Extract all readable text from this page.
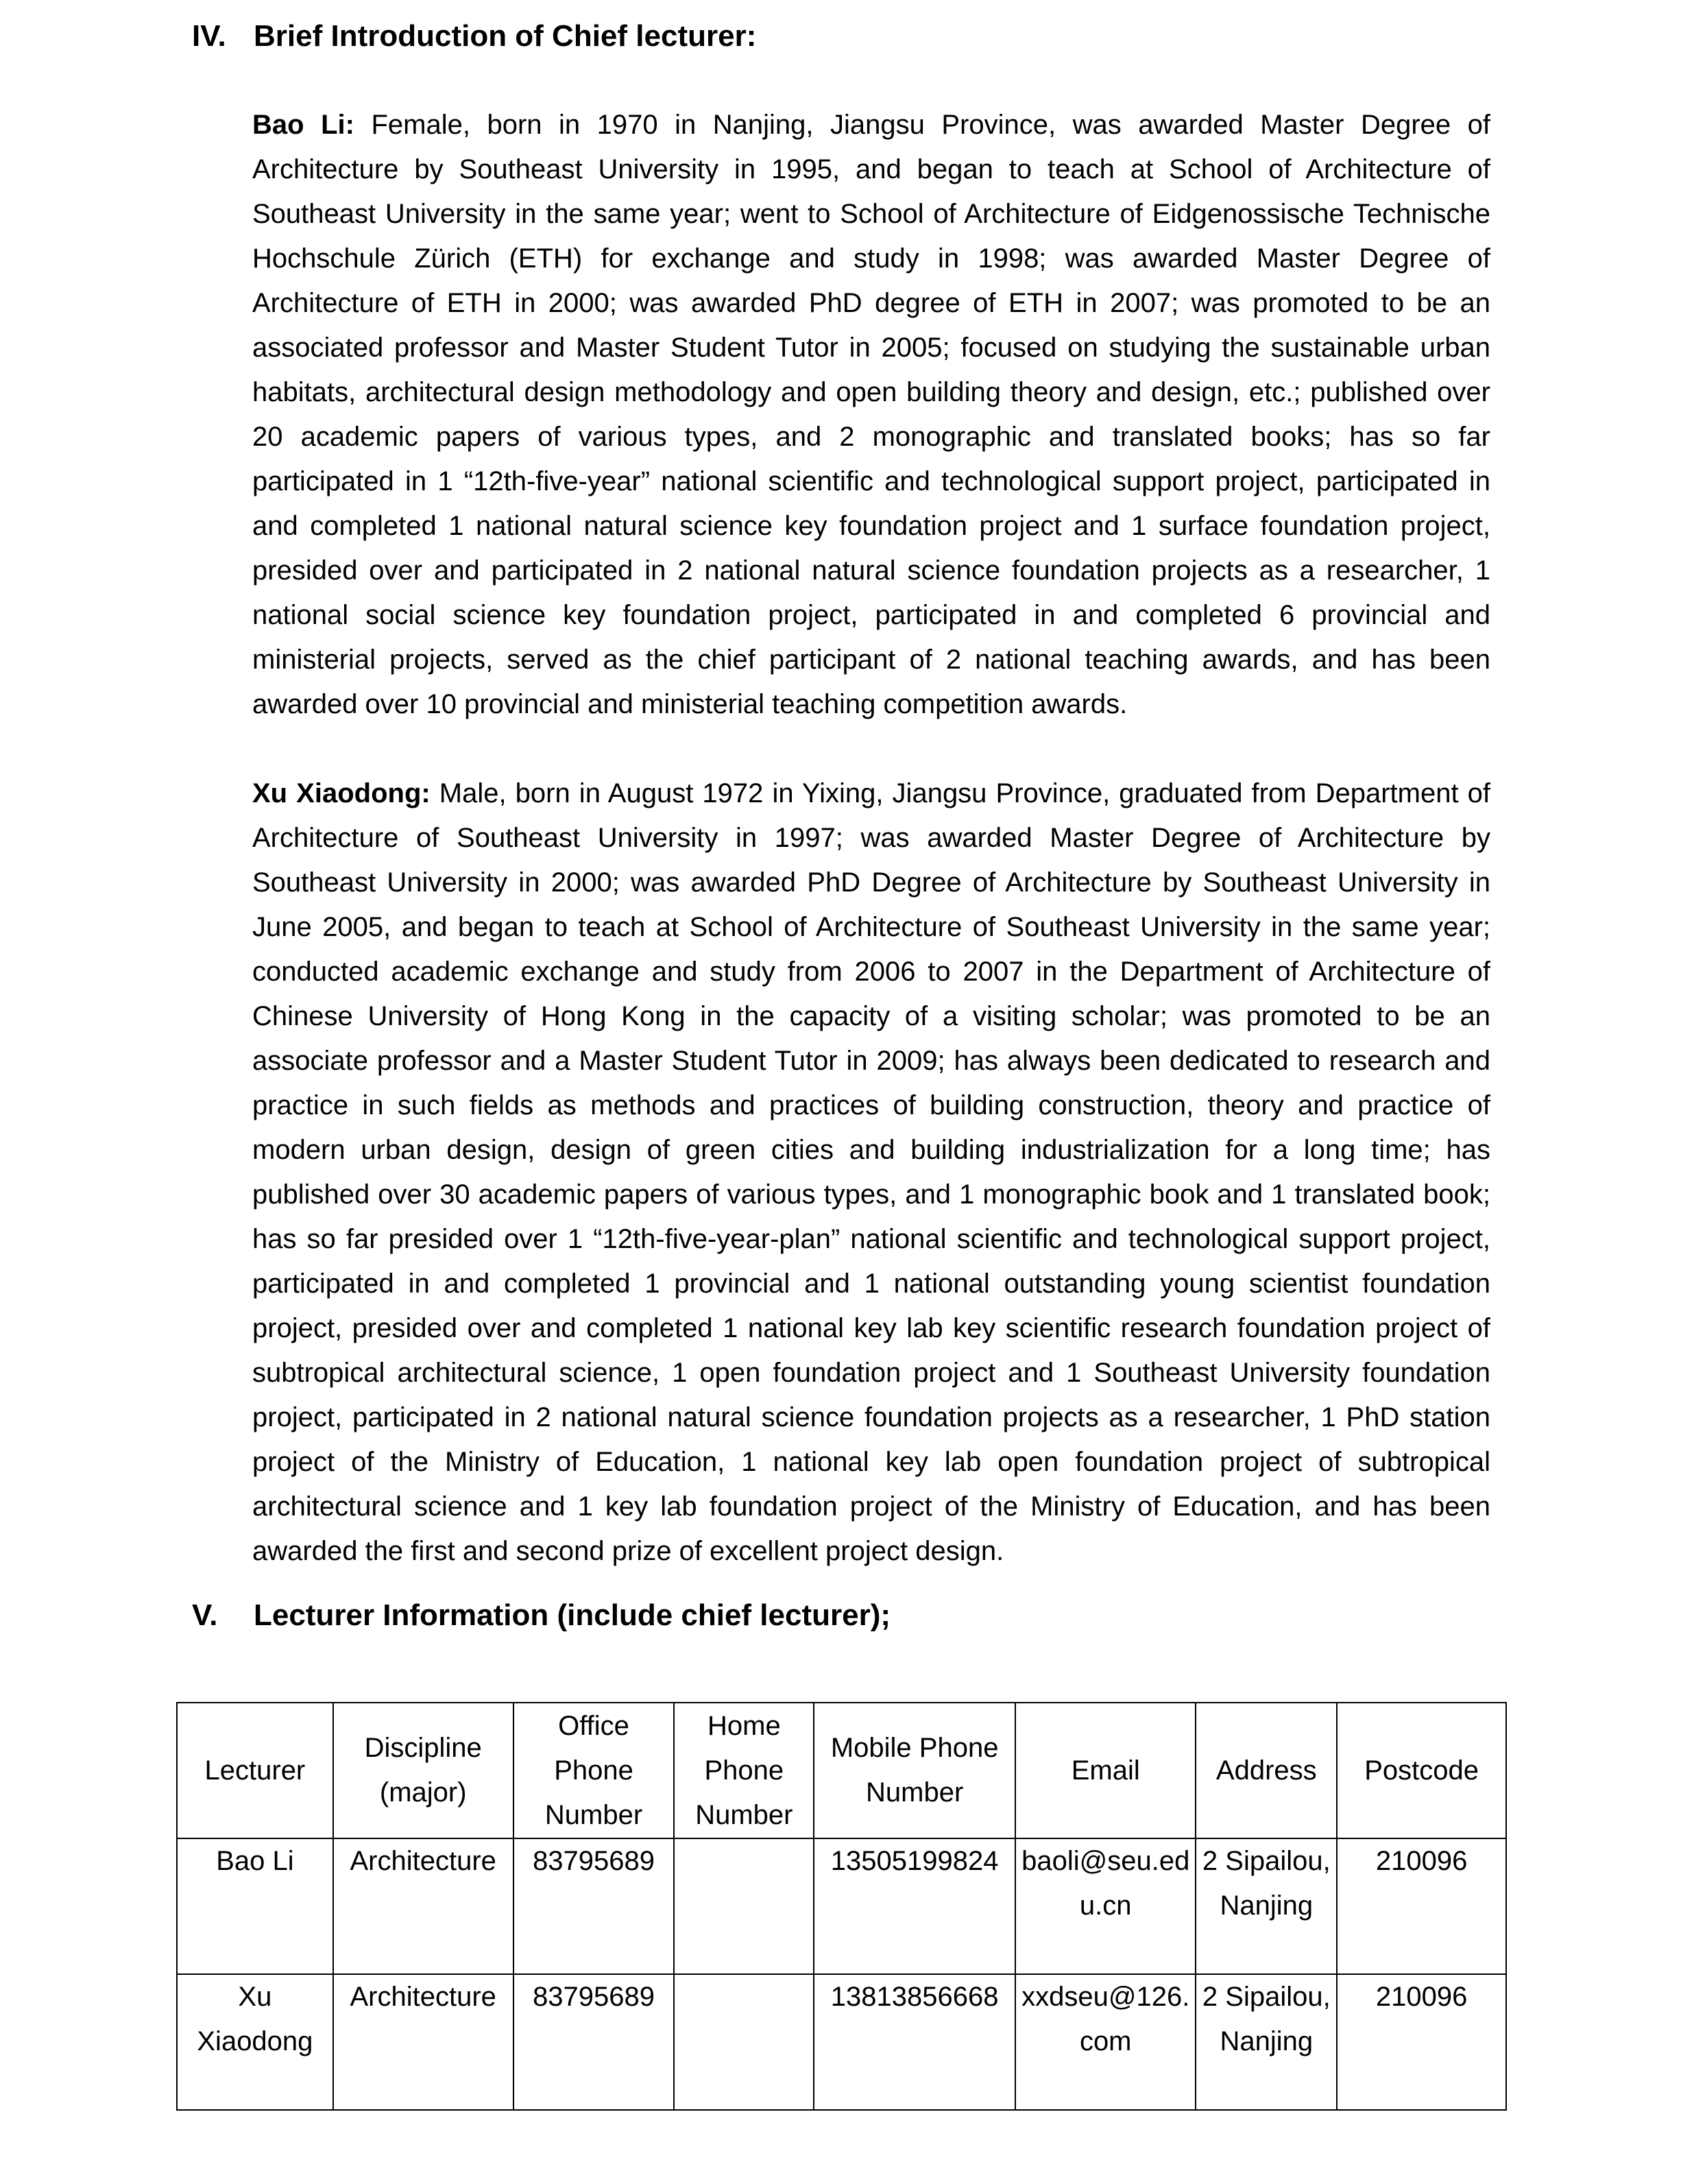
IV. Brief Introduction of Chief lecturer:

Bao Li: Female, born in 1970 in Nanjing, Jiangsu Province, was awarded Master Degree of Architecture by Southeast University in 1995, and began to teach at School of Architecture of Southeast University in the same year; went to School of Architecture of Eidgenossische Technische Hochschule Zürich (ETH) for exchange and study in 1998; was awarded Master Degree of Architecture of ETH in 2000; was awarded PhD degree of ETH in 2007; was promoted to be an associated professor and Master Student Tutor in 2005; focused on studying the sustainable urban habitats, architectural design methodology and open building theory and design, etc.; published over 20 academic papers of various types, and 2 monographic and translated books; has so far participated in 1 “12th-five-year” national scientific and technological support project, participated in and completed 1 national natural science key foundation project and 1 surface foundation project, presided over and participated in 2 national natural science foundation projects as a researcher, 1 national social science key foundation project, participated in and completed 6 provincial and ministerial projects, served as the chief participant of 2 national teaching awards, and has been awarded over 10 provincial and ministerial teaching competition awards.

Xu Xiaodong: Male, born in August 1972 in Yixing, Jiangsu Province, graduated from Department of Architecture of Southeast University in 1997; was awarded Master Degree of Architecture by Southeast University in 2000; was awarded PhD Degree of Architecture by Southeast University in June 2005, and began to teach at School of Architecture of Southeast University in the same year; conducted academic exchange and study from 2006 to 2007 in the Department of Architecture of Chinese University of Hong Kong in the capacity of a visiting scholar; was promoted to be an associate professor and a Master Student Tutor in 2009; has always been dedicated to research and practice in such fields as methods and practices of building construction, theory and practice of modern urban design, design of green cities and building industrialization for a long time; has published over 30 academic papers of various types, and 1 monographic book and 1 translated book; has so far presided over 1 “12th-five-year-plan” national scientific and technological support project, participated in and completed 1 provincial and 1 national outstanding young scientist foundation project, presided over and completed 1 national key lab key scientific research foundation project of subtropical architectural science, 1 open foundation project and 1 Southeast University foundation project, participated in 2 national natural science foundation projects as a researcher, 1 PhD station project of the Ministry of Education, 1 national key lab open foundation project of subtropical architectural science and 1 key lab foundation project of the Ministry of Education, and has been awarded the first and second prize of excellent project design.

V. Lecturer Information (include chief lecturer);
Lecturer	Discipline (major)	Office Phone Number	Home Phone Number	Mobile Phone Number	Email	Address	Postcode
Bao Li	Architecture	83795689		13505199824	baoli@seu.edu.cn	2 Sipailou, Nanjing	210096
Xu Xiaodong	Architecture	83795689		13813856668	xxdseu@126.com	2 Sipailou, Nanjing	210096
